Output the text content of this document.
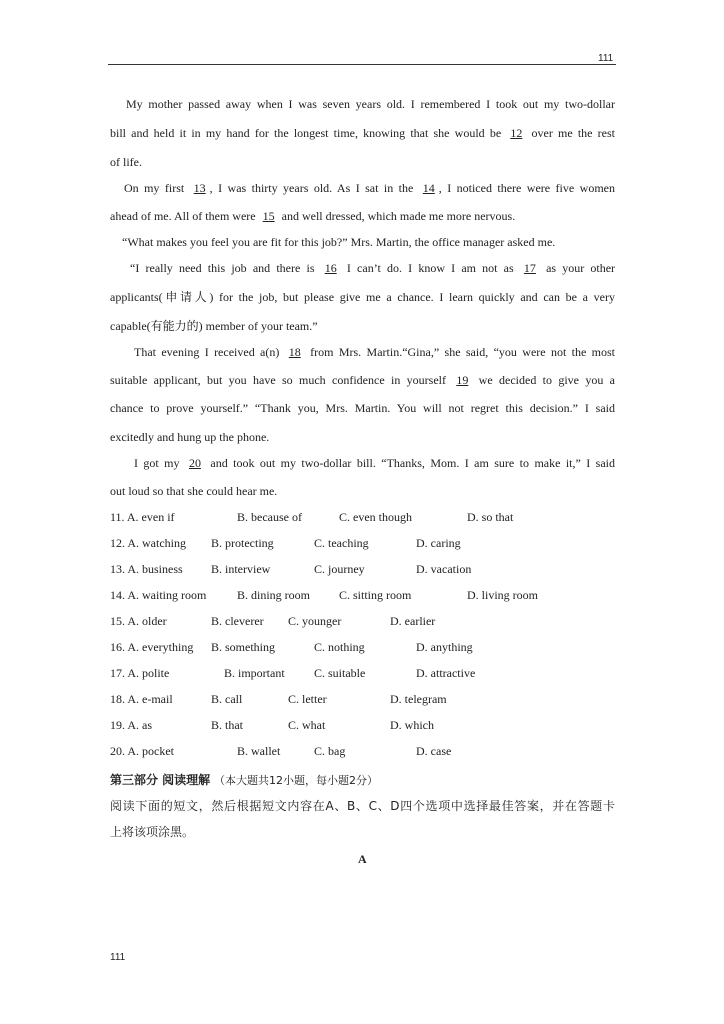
111
My mother passed away when I was seven years old. I remembered I took out my two-dollar
bill and held it in my hand for the longest time, knowing that she would be 12 over me the rest
of life.
On my first 13 , I was thirty years old. As I sat in the 14 , I noticed there were five women
ahead of me. All of them were 15 and well dressed, which made me more nervous.
“What makes you feel you are fit for this job?” Mrs. Martin, the office manager asked me.
“I really need this job and there is 16 I can’t do. I know I am not as 17 as your other
applicants(申请人) for the job, but please give me a chance. I learn quickly and can be a very
capable(有能力的) member of your team.”
That evening I received a(n) 18 from Mrs. Martin.“Gina,” she said, “you were not the most
suitable applicant, but you have so much confidence in yourself 19 we decided to give you a
chance to prove yourself.” “Thank you, Mrs. Martin. You will not regret this decision.” I said
excitedly and hung up the phone.
I got my 20 and took out my two-dollar bill. “Thanks, Mom. I am sure to make it,” I said
out loud so that she could hear me.
11. A. even if	B. because of	C. even though	D. so that
12. A. watching B. protecting	C. teaching	D. caring
13. A. business B. interview	C. journey	D. vacation
14. A. waiting room	B. dining room C. sitting room	D. living room
15. A. older	B. cleverer C. younger	D. earlier
16. A. everything B. something	C. nothing	D. anything
17. A. polite	B. important C. suitable	D. attractive
18. A. e-mail	B. call	C. letter	D. telegram
19. A. as	B. that	C. what	D. which
20. A. pocket	B. wallet	C. bag	D. case
第三部分 阅读理解 （本大题共12小题，每小题2分）
阅读下面的短文，然后根据短文内容在A、B、C、D四个选项中选择最佳答案，并在答题卡
上将该项涂黑。
A
111
